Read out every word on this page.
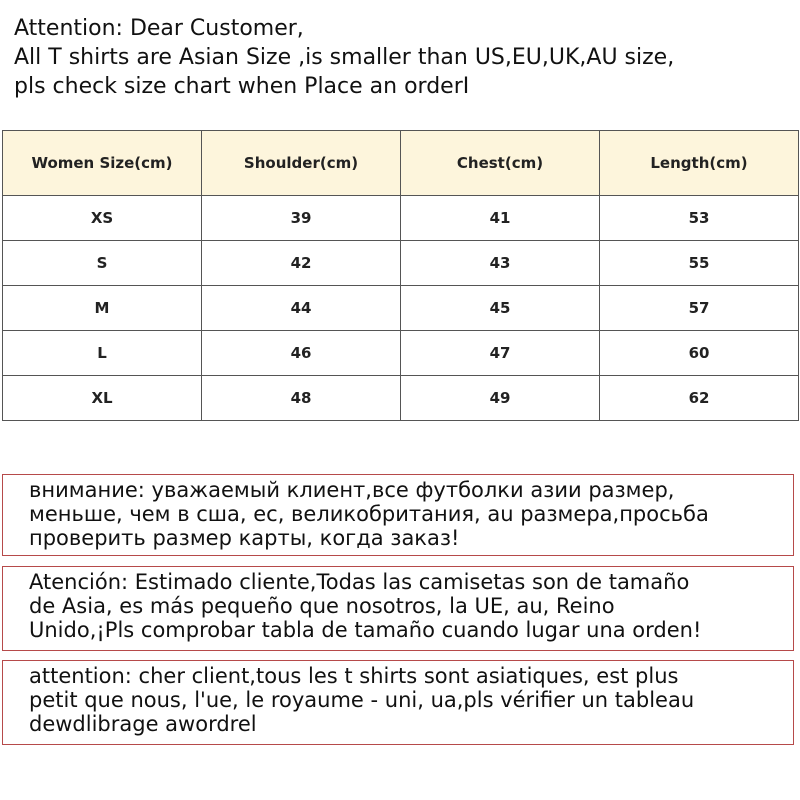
Attention: Dear Customer,
All T shirts are Asian Size ,is smaller than US,EU,UK,AU size,
pls check size chart when Place an orderI
Women Size(cm)	Shoulder(cm)	Chest(cm)	Length(cm)
XS	39	41	53
S	42	43	55
M	44	45	57
L	46	47	60
XL	48	49	62
внимание: уважаемый клиент,все футболки азии размер,
меньше, чем в сша, ес, великобритания, au размера,просьба
проверить размер карты, когда заказ!
Atención: Estimado cliente,Todas las camisetas son de tamaño
de Asia, es más pequeño que nosotros, la UE, au, Reino
Unido,¡Pls comprobar tabla de tamaño cuando lugar una orden!
attention: cher client,tous les t shirts sont asiatiques, est plus
petit que nous, l'ue, le royaume - uni, ua,pls vérifier un tableau
dewdlibrage awordrel
